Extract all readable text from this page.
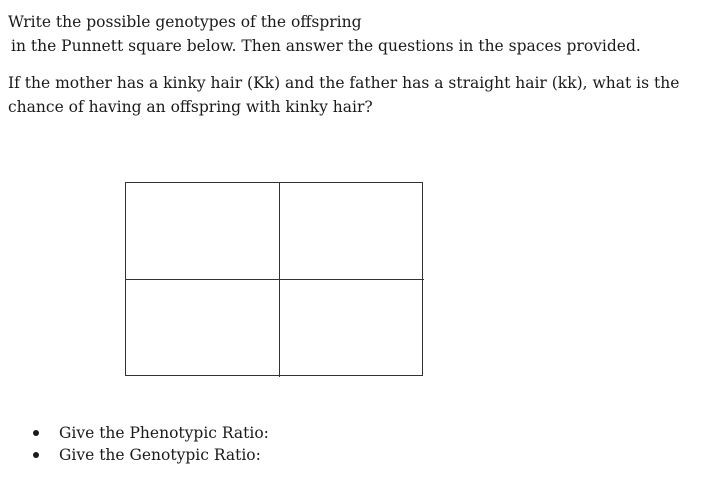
Write the possible genotypes of the offspring

in the Punnett square below. Then answer the questions in the spaces provided.

If the mother has a kinky hair (Kk) and the father has a straight hair (kk), what is the

chance of having an offspring with kinky hair?

Give the Phenotypic Ratio:
Give the Genotypic Ratio:
